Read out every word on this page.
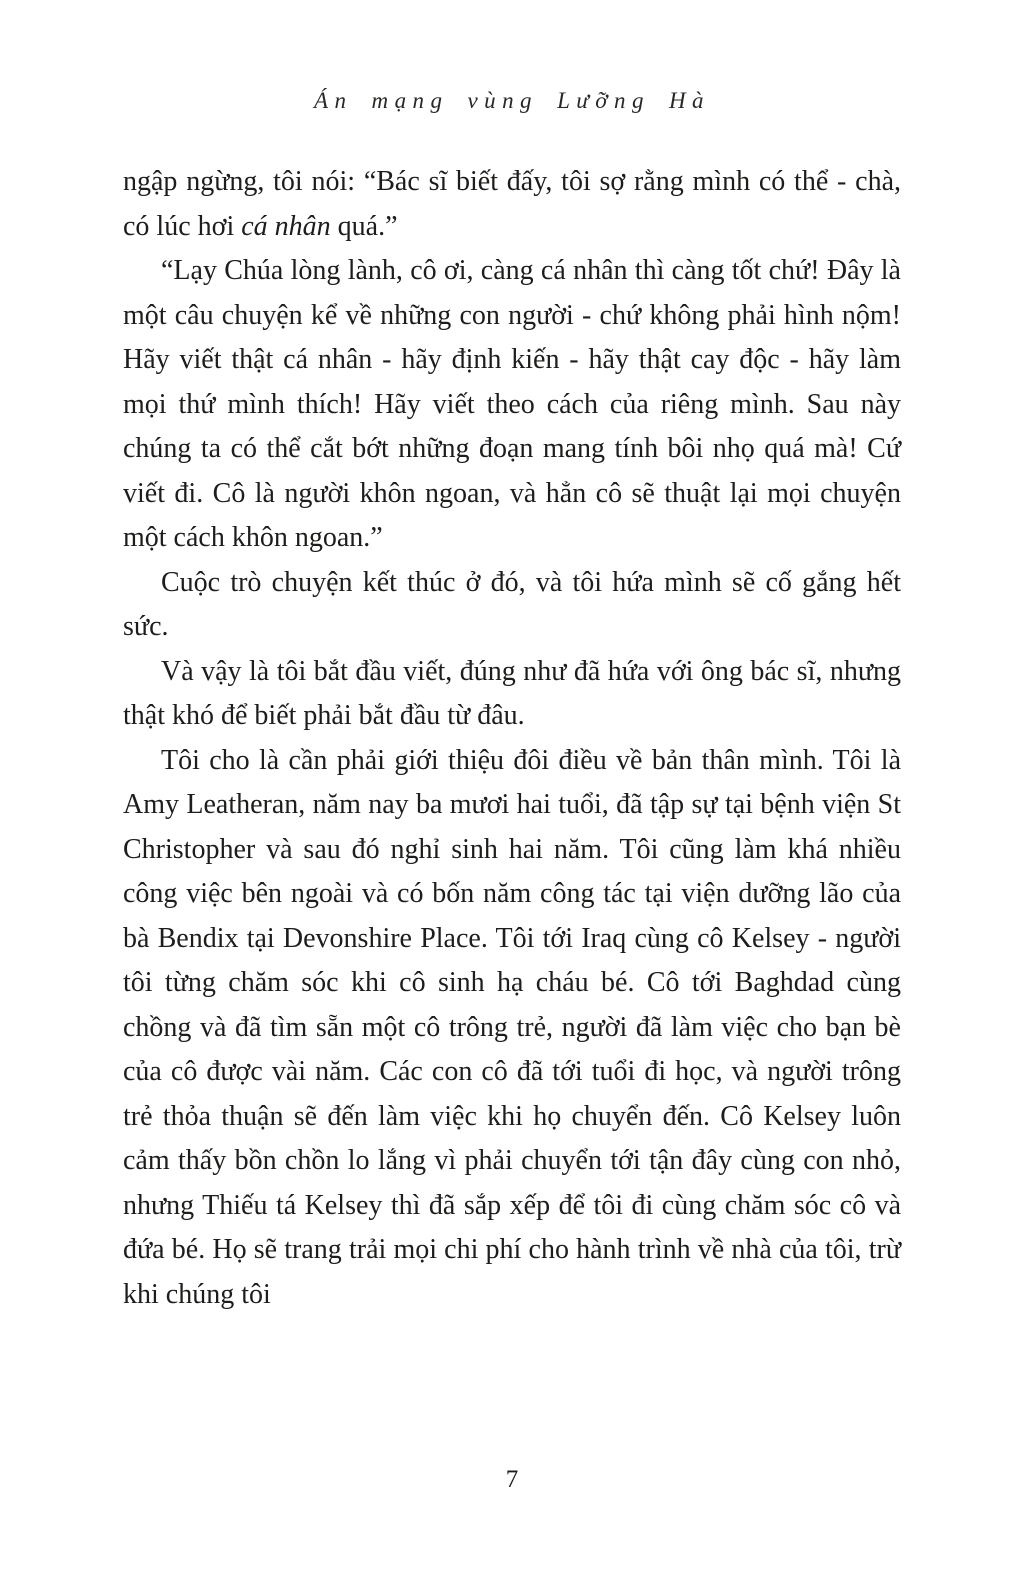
Án mạng vùng Lưỡng Hà

ngập ngừng, tôi nói: “Bác sĩ biết đấy, tôi sợ rằng mình có thể - chà, có lúc hơi cá nhân quá.”

“Lạy Chúa lòng lành, cô ơi, càng cá nhân thì càng tốt chứ! Đây là một câu chuyện kể về những con người - chứ không phải hình nộm! Hãy viết thật cá nhân - hãy định kiến - hãy thật cay độc - hãy làm mọi thứ mình thích! Hãy viết theo cách của riêng mình. Sau này chúng ta có thể cắt bớt những đoạn mang tính bôi nhọ quá mà! Cứ viết đi. Cô là người khôn ngoan, và hẳn cô sẽ thuật lại mọi chuyện một cách khôn ngoan.”

Cuộc trò chuyện kết thúc ở đó, và tôi hứa mình sẽ cố gắng hết sức.

Và vậy là tôi bắt đầu viết, đúng như đã hứa với ông bác sĩ, nhưng thật khó để biết phải bắt đầu từ đâu.

Tôi cho là cần phải giới thiệu đôi điều về bản thân mình. Tôi là Amy Leatheran, năm nay ba mươi hai tuổi, đã tập sự tại bệnh viện St Christopher và sau đó nghỉ sinh hai năm. Tôi cũng làm khá nhiều công việc bên ngoài và có bốn năm công tác tại viện dưỡng lão của bà Bendix tại Devonshire Place. Tôi tới Iraq cùng cô Kelsey - người tôi từng chăm sóc khi cô sinh hạ cháu bé. Cô tới Baghdad cùng chồng và đã tìm sẵn một cô trông trẻ, người đã làm việc cho bạn bè của cô được vài năm. Các con cô đã tới tuổi đi học, và người trông trẻ thỏa thuận sẽ đến làm việc khi họ chuyển đến. Cô Kelsey luôn cảm thấy bồn chồn lo lắng vì phải chuyển tới tận đây cùng con nhỏ, nhưng Thiếu tá Kelsey thì đã sắp xếp để tôi đi cùng chăm sóc cô và đứa bé. Họ sẽ trang trải mọi chi phí cho hành trình về nhà của tôi, trừ khi chúng tôi

7
